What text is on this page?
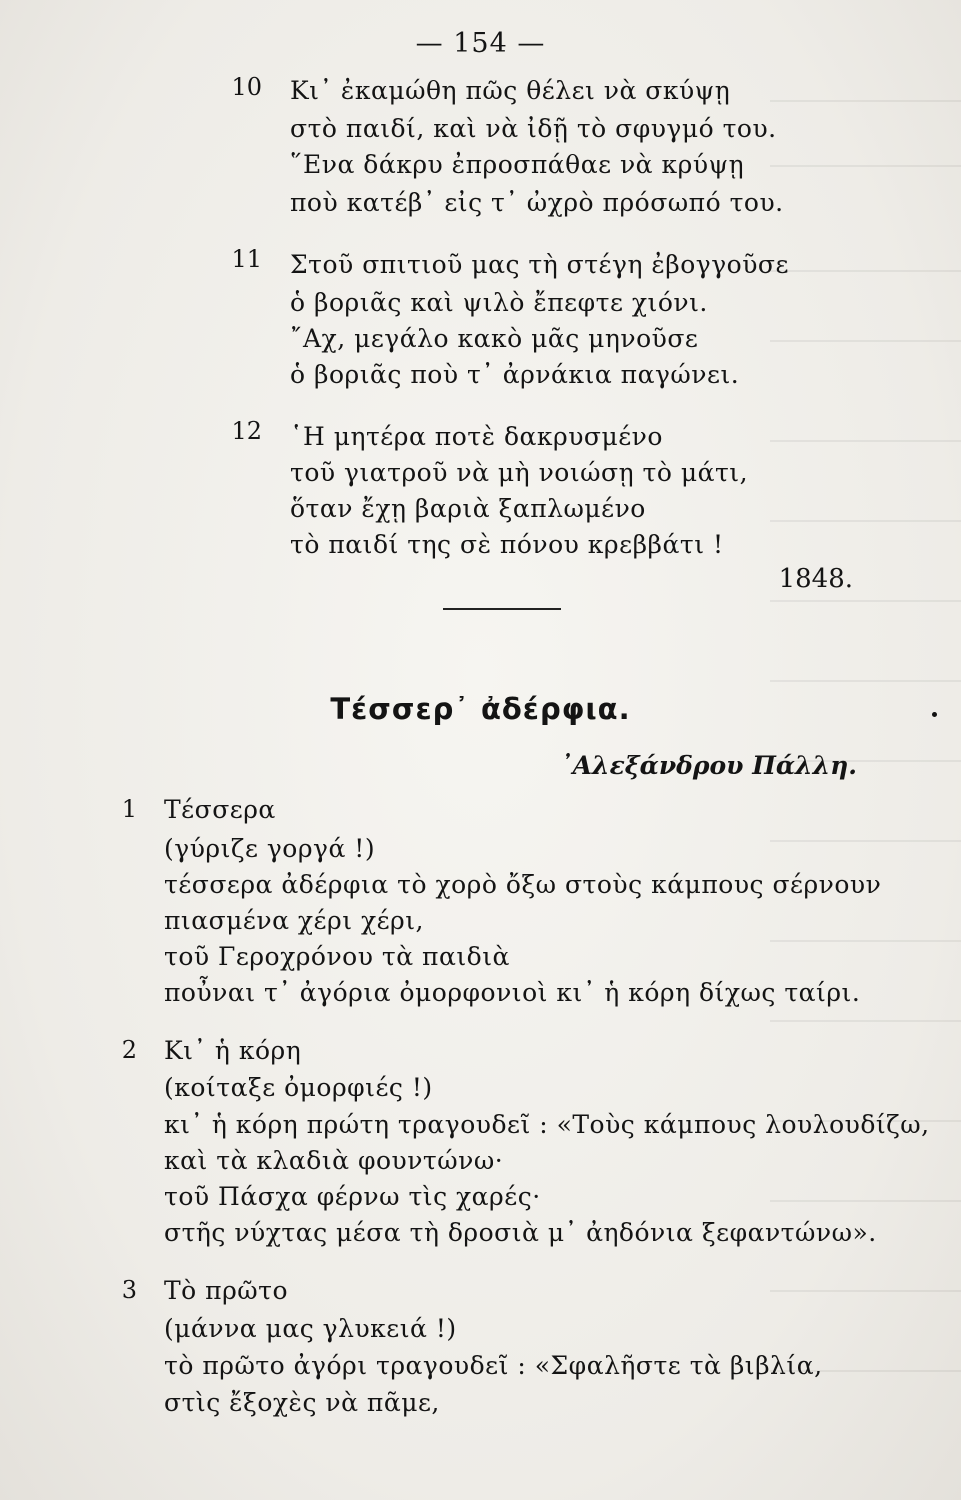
— 154 —
10 Κι᾿ ἐκαμώθη πῶς θέλει νὰ σκύψῃ
στὸ παιδί, καὶ νὰ ἰδῇ τὸ σφυγμό του.
῞Ενα δάκρυ ἐπροσπάθαε νὰ κρύψῃ
ποὺ κατέβ᾿ εἰς τ᾿ ὠχρὸ πρόσωπό του.
11 Στοῦ σπιτιοῦ μας τὴ στέγη ἐβογγοῦσε
ὁ βοριᾶς καὶ ψιλὸ ἔπεφτε χιόνι.
῎Αχ, μεγάλο κακὸ μᾶς μηνοῦσε
ὁ βοριᾶς ποὺ τ᾿ ἀρνάκια παγώνει.
12 ῾Η μητέρα ποτὲ δακρυσμένο
τοῦ γιατροῦ νὰ μὴ νοιώσῃ τὸ μάτι,
ὅταν ἔχῃ βαριὰ ξαπλωμένο
τὸ παιδί της σὲ πόνου κρεββάτι !
1848.
Τέσσερ᾿ ἀδέρφια.
᾿Αλεξάνδρου Πάλλη.
1 Τέσσερα
(γύριζε γοργά !)
τέσσερα ἀδέρφια τὸ χορὸ ὄξω στοὺς κάμπους σέρνουν
πιασμένα χέρι χέρι,
τοῦ Γεροχρόνου τὰ παιδιὰ
ποὖναι τ᾿ ἀγόρια ὀμορφονιοὶ κι᾿ ἡ κόρη δίχως ταίρι.
2 Κι᾿ ἡ κόρη
(κοίταξε ὀμορφιές !)
κι᾿ ἡ κόρη πρώτη τραγουδεῖ : «Τοὺς κάμπους λουλουδίζω,
καὶ τὰ κλαδιὰ φουντώνω·
τοῦ Πάσχα φέρνω τὶς χαρές·
στῆς νύχτας μέσα τὴ δροσιὰ μ᾿ ἀηδόνια ξεφαντώνω».
3 Τὸ πρῶτο
(μάννα μας γλυκειά !)
τὸ πρῶτο ἀγόρι τραγουδεῖ : «Σφαλῆστε τὰ βιβλία,
στὶς ἔξοχὲς νὰ πᾶμε,
